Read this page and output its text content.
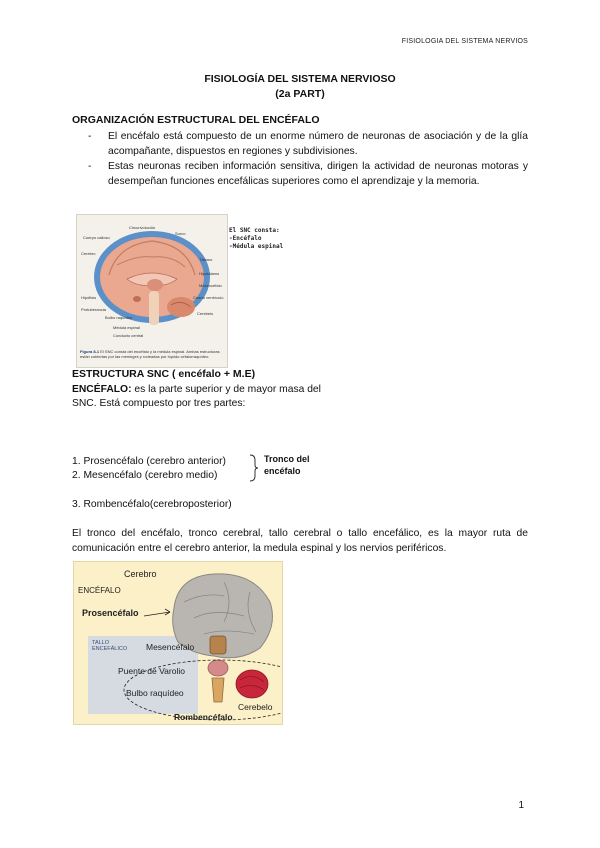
FISIOLOGIA DEL SISTEMA NERVIOS
FISIOLOGÍA DEL SISTEMA NERVIOSO
(2a PART)
ORGANIZACIÓN ESTRUCTURAL DEL ENCÉFALO
- El encéfalo está compuesto de un enorme número de neuronas de asociación y de la glía acompañante, dispuestos en regiones y subdivisiones.
- Estas neuronas reciben información sensitiva, dirigen la actividad de neuronas motoras y desempeñan funciones encefálicas superiores como el aprendizaje y la memoria.
Circunvolución
Surco
Cuerpo calloso
Cerebro
Tálamo
Hipotálamo
Hipófisis
Mesencéfalo
Protuberancia
Bulbo raquídeo
Cerebelo
Médula espinal
Conducto central
Cuarto ventrículo
Figura 8-1 El SNC consta del encéfalo y la médula espinal. Ambas estructuras están cubiertas por las meninges y rodeadas por líquido cefalorraquídeo.
El SNC consta:
-Encéfalo
-Médula espinal
ESTRUCTURA SNC ( encéfalo + M.E)
ENCÉFALO: es la parte superior y de mayor masa del
SNC. Está compuesto por tres partes:
1. Prosencéfalo (cerebro anterior)
2. Mesencéfalo (cerebro medio)
Tronco del
encéfalo
3. Rombencéfalo(cerebroposterior)
El tronco del encéfalo, tronco cerebral, tallo cerebral o tallo encefálico, es la mayor ruta de comunicación entre el cerebro anterior, la medula espinal y los nervios periféricos.
Cerebro
ENCÉFALO
Prosencéfalo
TALLO
ENCEFÁLICO Mesencéfalo
Puente de Varolio
Bulbo raquídeo
Cerebelo
Rombencéfalo
1
